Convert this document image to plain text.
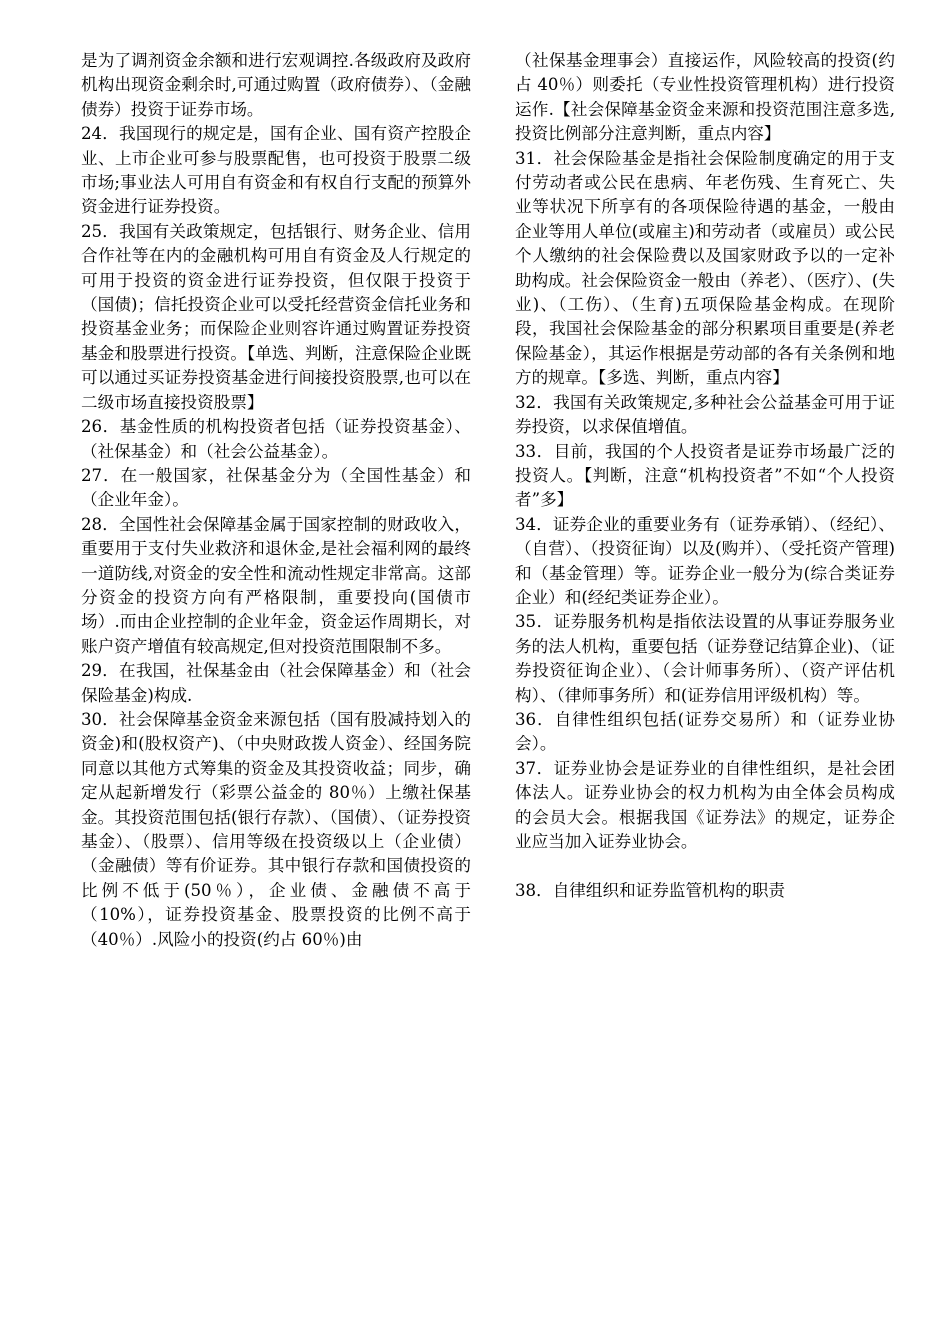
是为了调剂资金余额和进行宏观调控.各级政府及政府机构出现资金剩余时,可通过购置（政府债券）、（金融债券）投资于证券市场。

24．我国现行的规定是，国有企业、国有资产控股企业、上市企业可参与股票配售，也可投资于股票二级市场;事业法人可用自有资金和有权自行支配的预算外资金进行证券投资。

25．我国有关政策规定，包括银行、财务企业、信用合作社等在内的金融机构可用自有资金及人行规定的可用于投资的资金进行证券投资，但仅限于投资于（国债)；信托投资企业可以受托经营资金信托业务和投资基金业务；而保险企业则容许通过购置证券投资基金和股票进行投资。【单选、判断，注意保险企业既可以通过买证券投资基金进行间接投资股票,也可以在二级市场直接投资股票】

26．基金性质的机构投资者包括（证券投资基金）、（社保基金）和（社会公益基金）。

27．在一般国家，社保基金分为（全国性基金）和（企业年金）。

28．全国性社会保障基金属于国家控制的财政收入，重要用于支付失业救济和退休金,是社会福利网的最终一道防线,对资金的安全性和流动性规定非常高。这部分资金的投资方向有严格限制，重要投向(国债市场）.而由企业控制的企业年金，资金运作周期长，对账户资产增值有较高规定,但对投资范围限制不多。

29．在我国，社保基金由（社会保障基金）和（社会保险基金)构成.

30．社会保障基金资金来源包括（国有股减持划入的资金)和(股权资产)、（中央财政拨人资金）、经国务院同意以其他方式筹集的资金及其投资收益；同步，确定从起新增发行（彩票公益金的 80％）上缴社保基金。其投资范围包括(银行存款）、（国债）、（证券投资基金）、（股票）、信用等级在投资级以上（企业债）（金融债）等有价证券。其中银行存款和国债投资的比例不低于(50％），企业债、金融债不高于（10%），证券投资基金、股票投资的比例不高于（40％）.风险小的投资(约占 60％)由

（社保基金理事会）直接运作，风险较高的投资(约占 40％）则委托（专业性投资管理机构）进行投资运作.【社会保障基金资金来源和投资范围注意多选,投资比例部分注意判断，重点内容】

31．社会保险基金是指社会保险制度确定的用于支付劳动者或公民在患病、年老伤残、生育死亡、失业等状况下所享有的各项保险待遇的基金，一般由企业等用人单位(或雇主)和劳动者（或雇员）或公民个人缴纳的社会保险费以及国家财政予以的一定补助构成。社会保险资金一般由（养老）、（医疗）、(失业)、（工伤）、（生育)五项保险基金构成。在现阶段，我国社会保险基金的部分积累项目重要是(养老保险基金），其运作根据是劳动部的各有关条例和地方的规章。【多选、判断，重点内容】

32．我国有关政策规定,多种社会公益基金可用于证券投资，以求保值增值。

33．目前，我国的个人投资者是证券市场最广泛的投资人。【判断，注意“机构投资者”不如“个人投资者”多】

34．证券企业的重要业务有（证券承销）、（经纪）、（自营）、（投资征询）以及(购并）、（受托资产管理)和（基金管理）等。证券企业一般分为(综合类证券企业）和(经纪类证券企业）。

35．证券服务机构是指依法设置的从事证券服务业务的法人机构，重要包括（证券登记结算企业)、（证券投资征询企业）、（会计师事务所）、（资产评估机构）、（律师事务所）和(证券信用评级机构）等。

36．自律性组织包括(证券交易所）和（证券业协会）。

37．证券业协会是证券业的自律性组织，是社会团体法人。证券业协会的权力机构为由全体会员构成的会员大会。根据我国《证券法》的规定，证券企业应当加入证券业协会。

38．自律组织和证券监管机构的职责
